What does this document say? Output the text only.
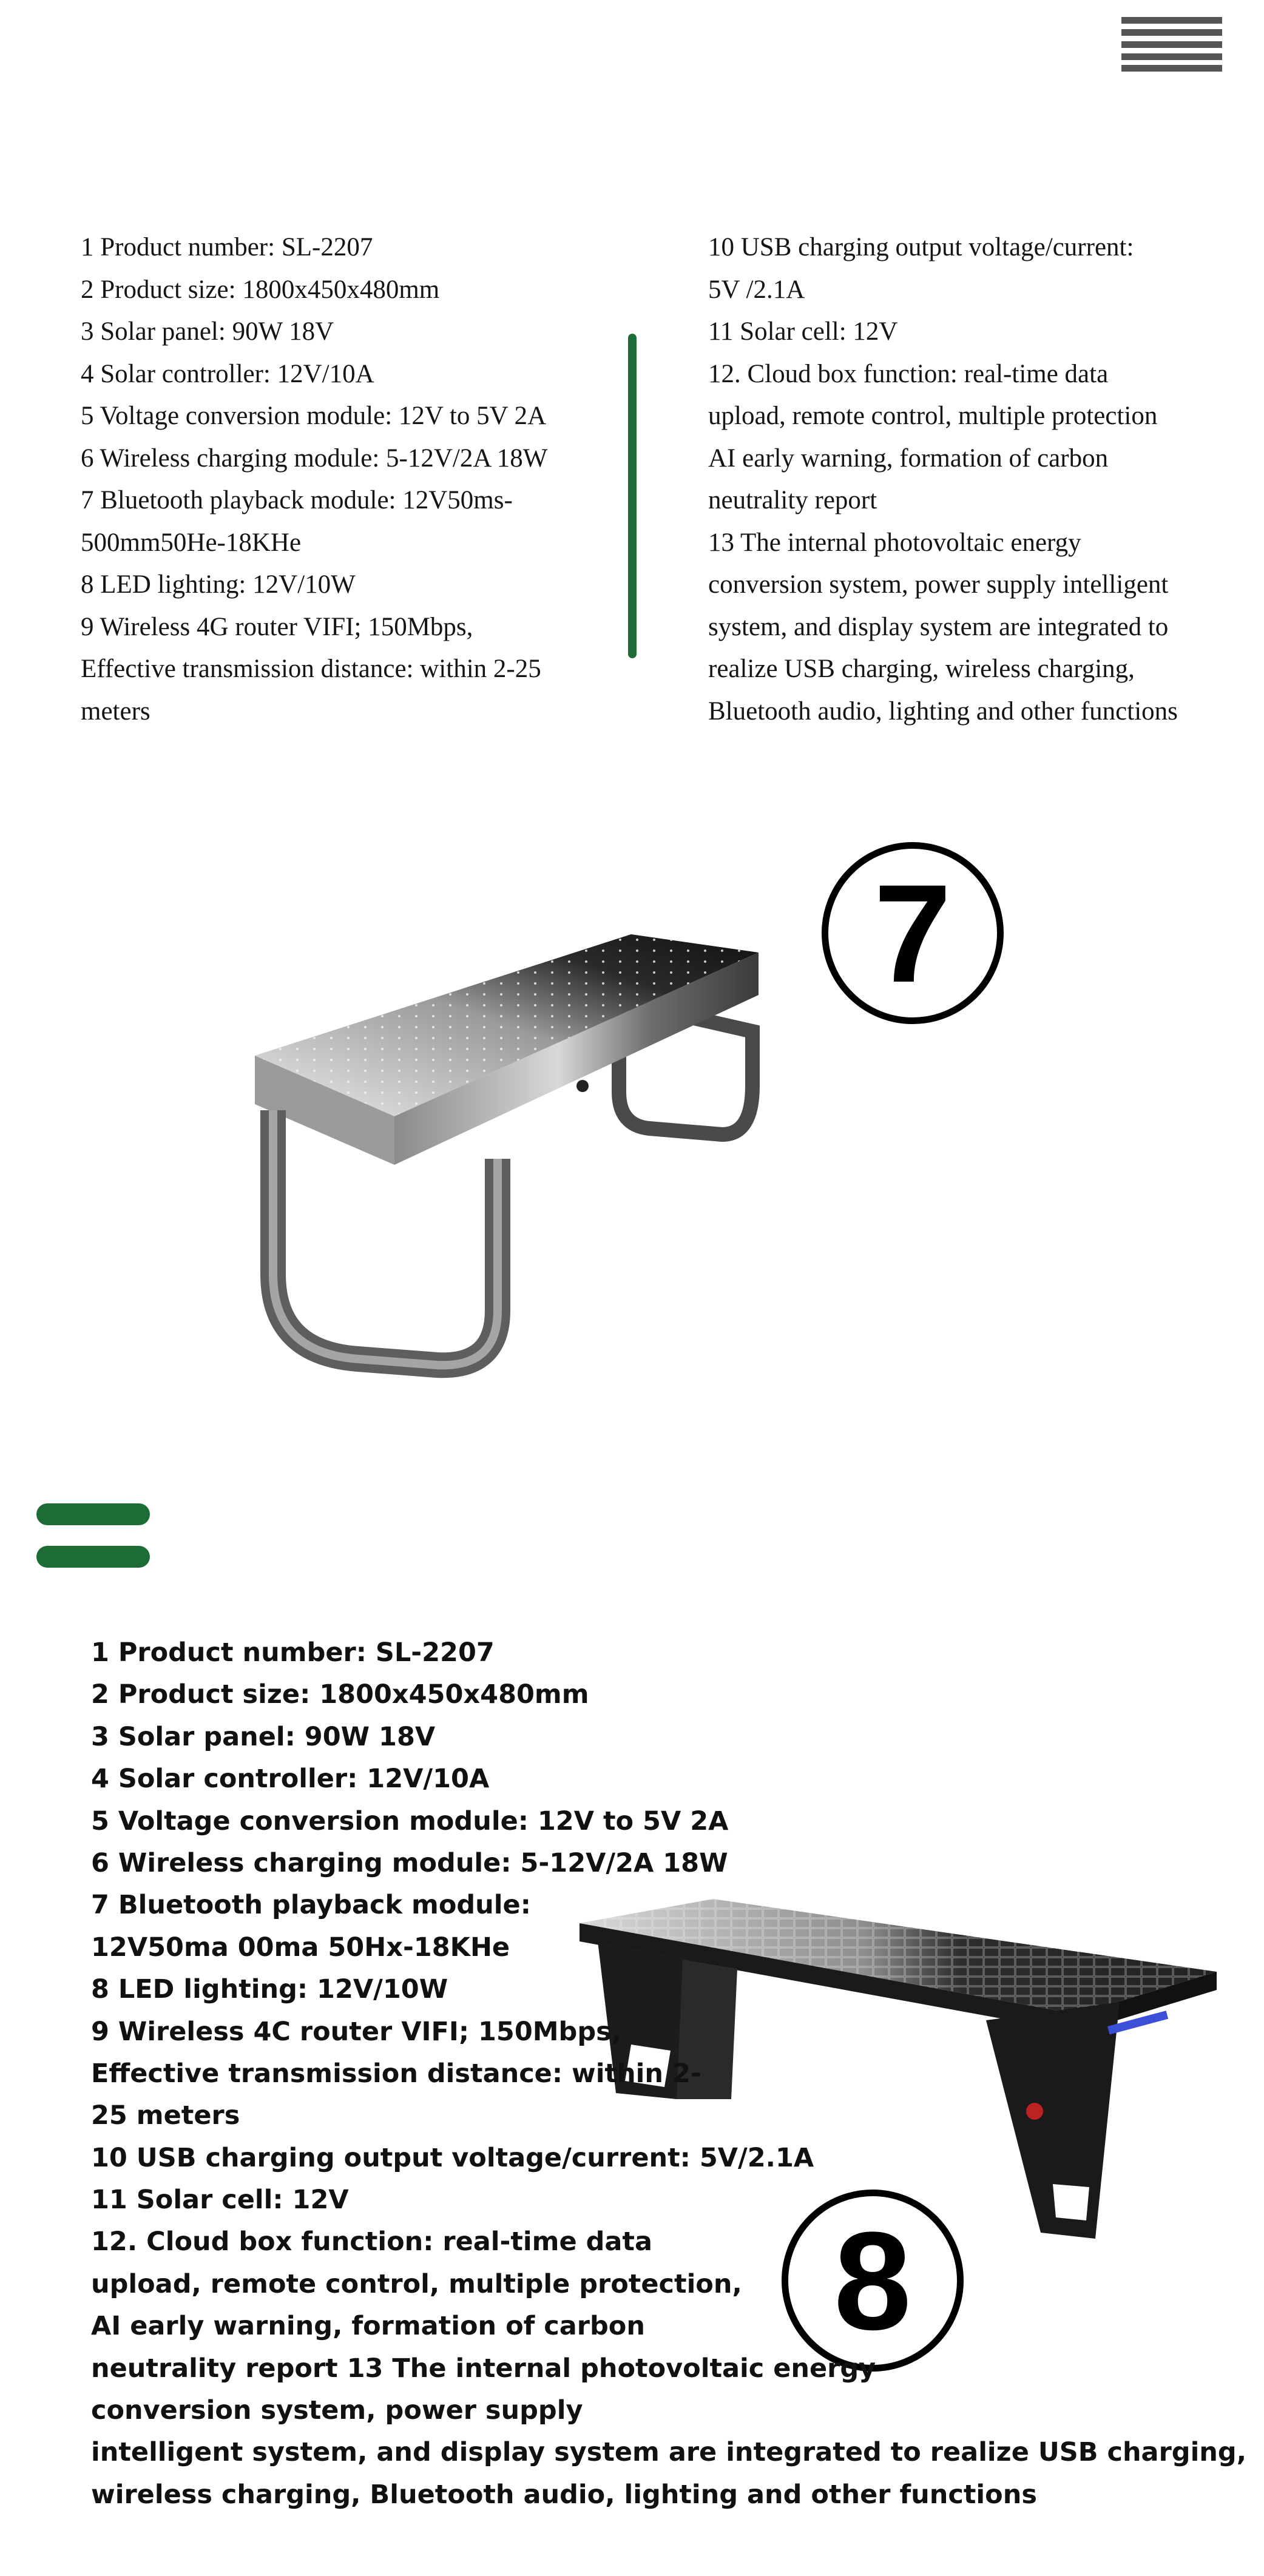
1 Product number: SL-2207
2 Product size: 1800x450x480mm
3 Solar panel: 90W 18V
4 Solar controller: 12V/10A
5 Voltage conversion module: 12V to 5V 2A
6 Wireless charging module: 5-12V/2A 18W
7 Bluetooth playback module: 12V50ms-
500mm50He-18KHe
8 LED lighting: 12V/10W
9 Wireless 4G router VIFI; 150Mbps,
Effective transmission distance: within 2-25
meters
10 USB charging output voltage/current:
5V /2.1A
11 Solar cell: 12V
12. Cloud box function: real-time data
upload, remote control, multiple protection
AI early warning, formation of carbon
neutrality report
13 The internal photovoltaic energy
conversion system, power supply intelligent
system, and display system are integrated to
realize USB charging, wireless charging,
Bluetooth audio, lighting and other functions
7
8
1 Product number: SL-2207
2 Product size: 1800x450x480mm
3 Solar panel: 90W 18V
4 Solar controller: 12V/10A
5 Voltage conversion module: 12V to 5V 2A
6 Wireless charging module: 5-12V/2A 18W
7 Bluetooth playback module:
12V50ma 00ma 50Hx-18KHe
8 LED lighting: 12V/10W
9 Wireless 4C router VIFI; 150Mbps,
Effective transmission distance: within 2-
25 meters
10 USB charging output voltage/current: 5V/2.1A
11 Solar cell: 12V
12. Cloud box function: real-time data
upload, remote control, multiple protection,
AI early warning, formation of carbon
neutrality report 13 The internal photovoltaic energy
conversion system, power supply
intelligent system, and display system are integrated to realize USB charging,
wireless charging, Bluetooth audio, lighting and other functions
